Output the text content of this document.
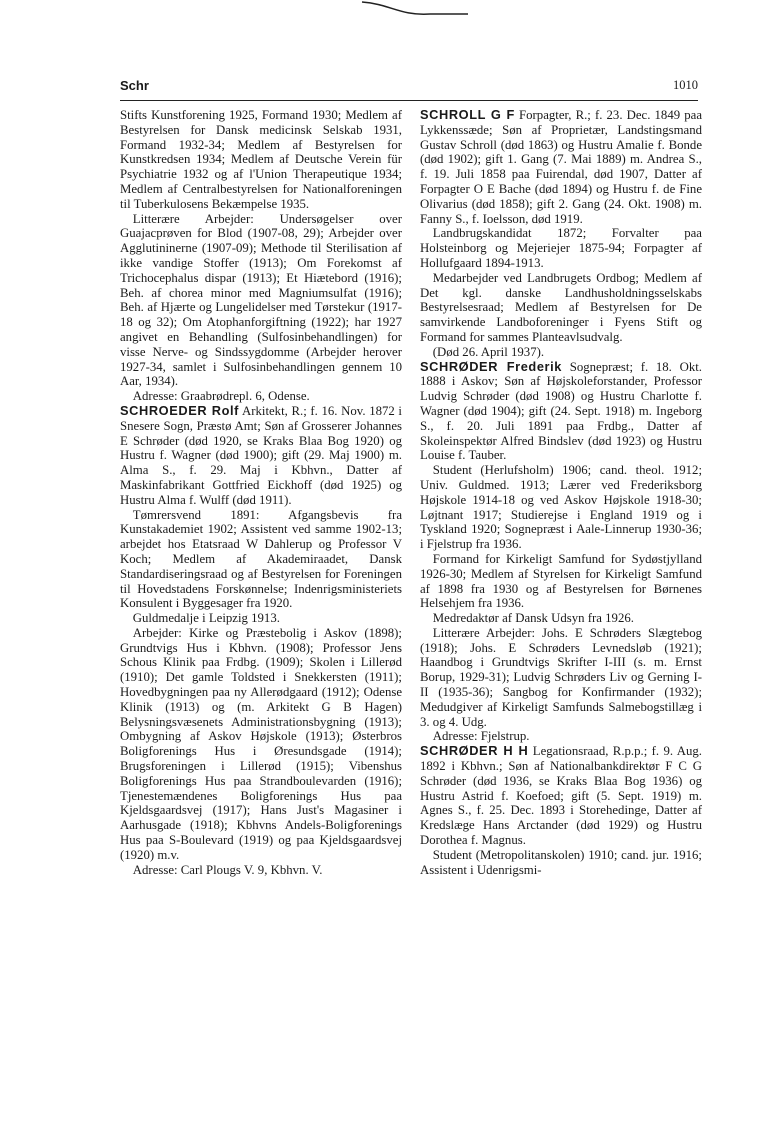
Schr	1010

Stifts Kunstforening 1925, Formand 1930; Medlem af Bestyrelsen for Dansk medicinsk Selskab 1931, Formand 1932-34; Medlem af Bestyrelsen for Kunstkredsen 1934; Medlem af Deutsche Verein für Psychiatrie 1932 og af l'Union Therapeutique 1934; Medlem af Centralbestyrelsen for Nationalforeningen til Tuberkulosens Bekæmpelse 1935.

Litterære Arbejder: Undersøgelser over Guajacprøven for Blod (1907-08, 29); Arbejder over Agglutininerne (1907-09); Methode til Sterilisation af ikke vandige Stoffer (1913); Om Forekomst af Trichocephalus dispar (1913); Et Hiætebord (1916); Beh. af chorea minor med Magniumsulfat (1916); Beh. af Hjærte og Lungelidelser med Tørstekur (1917-18 og 32); Om Atophanforgiftning (1922); har 1927 angivet en Behandling (Sulfosinbehandlingen) for visse Nerve- og Sindssygdomme (Arbejder herover 1927-34, samlet i Sulfosinbehandlingen gennem 10 Aar, 1934).

Adresse: Graabrødrepl. 6, Odense.

SCHROEDER Rolf Arkitekt, R.; f. 16. Nov. 1872 i Snesere Sogn, Præstø Amt; Søn af Grosserer Johannes E Schrøder (død 1920, se Kraks Blaa Bog 1920) og Hustru f. Wagner (død 1900); gift (29. Maj 1900) m. Alma S., f. 29. Maj i Kbhvn., Datter af Maskinfabrikant Gottfried Eickhoff (død 1925) og Hustru Alma f. Wulff (død 1911).

Tømrersvend 1891: Afgangsbevis fra Kunstakademiet 1902; Assistent ved samme 1902-13; arbejdet hos Etatsraad W Dahlerup og Professor V Koch; Medlem af Akademiraadet, Dansk Standardiseringsraad og af Bestyrelsen for Foreningen til Hovedstadens Forskønnelse; Indenrigsministeriets Konsulent i Byggesager fra 1920.

Guldmedalje i Leipzig 1913.

Arbejder: Kirke og Præstebolig i Askov (1898); Grundtvigs Hus i Kbhvn. (1908); Professor Jens Schous Klinik paa Frdbg. (1909); Skolen i Lillerød (1910); Det gamle Toldsted i Snekkersten (1911); Hovedbygningen paa ny Allerødgaard (1912); Odense Klinik (1913) og (m. Arkitekt G B Hagen) Belysningsvæsenets Administrationsbygning (1913); Ombygning af Askov Højskole (1913); Østerbros Boligforenings Hus i Øresundsgade (1914); Brugsforeningen i Lillerød (1915); Vibenshus Boligforenings Hus paa Strandboulevarden (1916); Tjenestemændenes Boligforenings Hus paa Kjeldsgaardsvej (1917); Hans Just's Magasiner i Aarhusgade (1918); Kbhvns Andels-Boligforenings Hus paa S-Boulevard (1919) og paa Kjeldsgaardsvej (1920) m.v.

Adresse: Carl Plougs V. 9, Kbhvn. V.

SCHROLL G F Forpagter, R.; f. 23. Dec. 1849 paa Lykkenssæde; Søn af Proprietær, Landstingsmand Gustav Schroll (død 1863) og Hustru Amalie f. Bonde (død 1902); gift 1. Gang (7. Mai 1889) m. Andrea S., f. 19. Juli 1858 paa Fuirendal, død 1907, Datter af Forpagter O E Bache (død 1894) og Hustru f. de Fine Olivarius (død 1858); gift 2. Gang (24. Okt. 1908) m. Fanny S., f. Ioelsson, død 1919.

Landbrugskandidat 1872; Forvalter paa Holsteinborg og Mejeriejer 1875-94; Forpagter af Hollufgaard 1894-1913.

Medarbejder ved Landbrugets Ordbog; Medlem af Det kgl. danske Landhusholdningsselskabs Bestyrelsesraad; Medlem af Bestyrelsen for De samvirkende Landboforeninger i Fyens Stift og Formand for sammes Planteavlsudvalg.

(Død 26. April 1937).

SCHRØDER Frederik Sognepræst; f. 18. Okt. 1888 i Askov; Søn af Højskoleforstander, Professor Ludvig Schrøder (død 1908) og Hustru Charlotte f. Wagner (død 1904); gift (24. Sept. 1918) m. Ingeborg S., f. 20. Juli 1891 paa Frdbg., Datter af Skoleinspektør Alfred Bindslev (død 1923) og Hustru Louise f. Tauber.

Student (Herlufsholm) 1906; cand. theol. 1912; Univ. Guldmed. 1913; Lærer ved Frederiksborg Højskole 1914-18 og ved Askov Højskole 1918-30; Løjtnant 1917; Studierejse i England 1919 og i Tyskland 1920; Sognepræst i Aale-Linnerup 1930-36; i Fjelstrup fra 1936.

Formand for Kirkeligt Samfund for Sydøstjylland 1926-30; Medlem af Styrelsen for Kirkeligt Samfund af 1898 fra 1930 og af Bestyrelsen for Børnenes Helsehjem fra 1936.

Medredaktør af Dansk Udsyn fra 1926.

Litterære Arbejder: Johs. E Schrøders Slægtebog (1918); Johs. E Schrøders Levnedsløb (1921); Haandbog i Grundtvigs Skrifter I-III (s. m. Ernst Borup, 1929-31); Ludvig Schrøders Liv og Gerning I-II (1935-36); Sangbog for Konfirmander (1932); Medudgiver af Kirkeligt Samfunds Salmebogstillæg i 3. og 4. Udg.

Adresse: Fjelstrup.

SCHRØDER H H Legationsraad, R.p.p.; f. 9. Aug. 1892 i Kbhvn.; Søn af Nationalbankdirektør F C G Schrøder (død 1936, se Kraks Blaa Bog 1936) og Hustru Astrid f. Koefoed; gift (5. Sept. 1919) m. Agnes S., f. 25. Dec. 1893 i Storehedinge, Datter af Kredslæge Hans Arctander (død 1929) og Hustru Dorothea f. Magnus.

Student (Metropolitanskolen) 1910; cand. jur. 1916; Assistent i Udenrigsmi-
